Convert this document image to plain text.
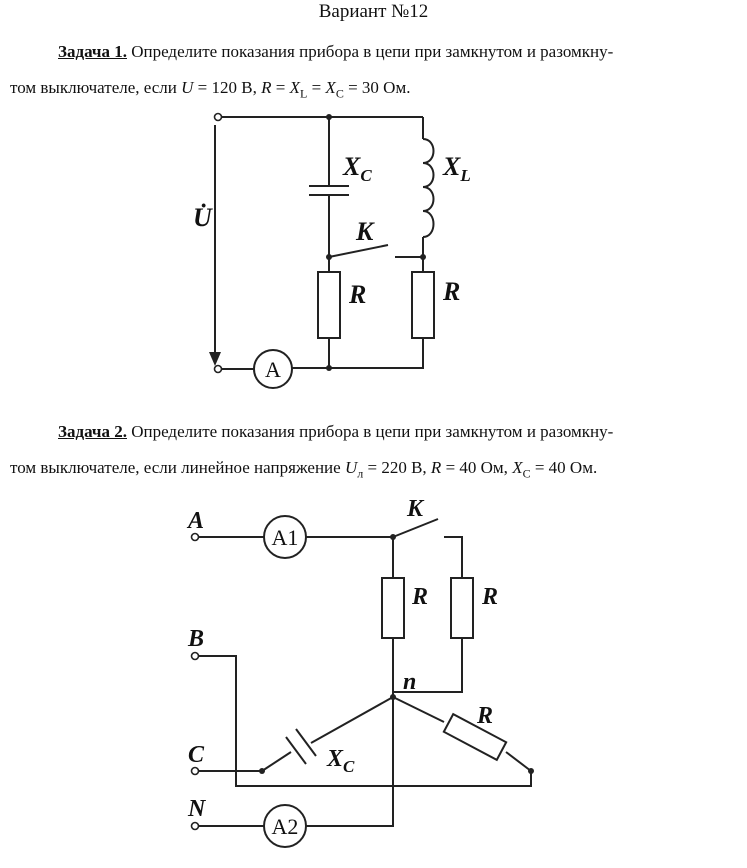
Вариант №12

Задача 1. Определите показания прибора в цепи при замкнутом и разомкну-

том выключателе, если U = 120 В, $R = X_L = X_C = 30$ Ом.

U̇
$X_C$	$X_L$
K
R	R
A

Задача 2. Определите показания прибора в цепи при замкнутом и разомкну-

том выключателе, если линейное напряжение $U_л = 220$ В, R = 40 Ом, $X_C = 40$ Ом.

A
A1
K
R R
n
B
C	$X_C$
R
N
A2
